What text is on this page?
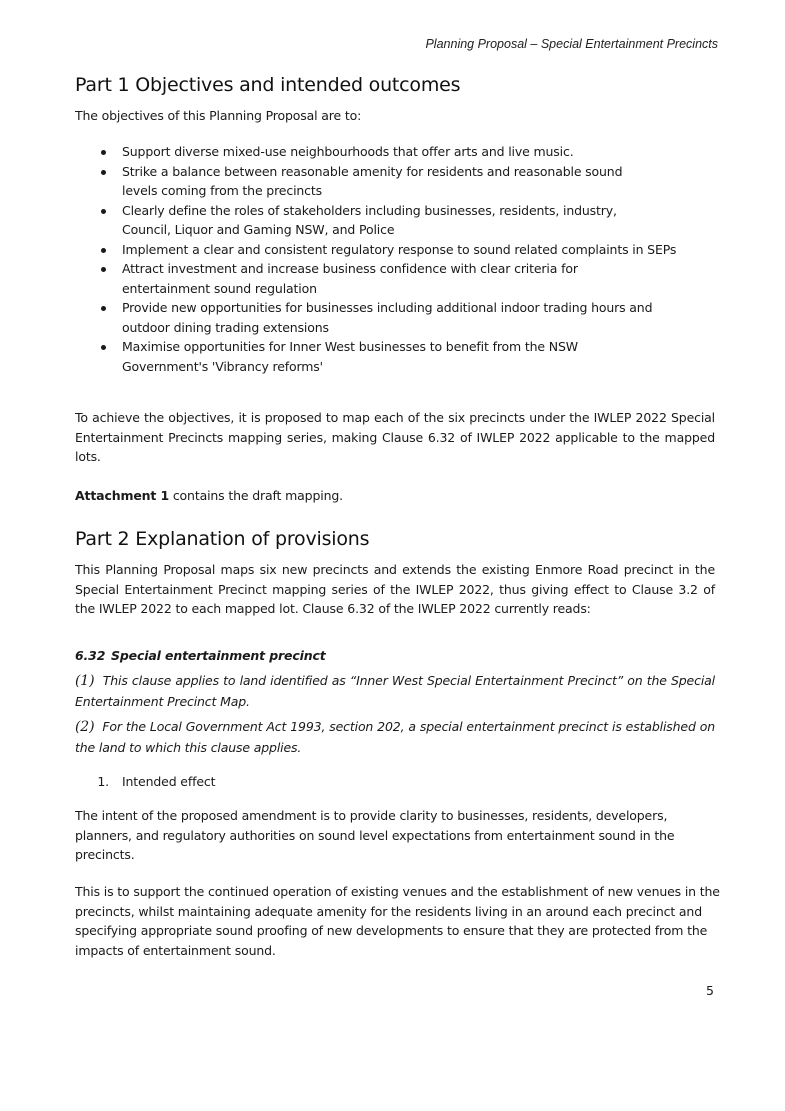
Planning Proposal – Special Entertainment Precincts
Part 1 Objectives and intended outcomes

The objectives of this Planning Proposal are to:

Support diverse mixed-use neighbourhoods that offer arts and live music.
Strike a balance between reasonable amenity for residents and reasonable sound levels coming from the precincts
Clearly define the roles of stakeholders including businesses, residents, industry, Council, Liquor and Gaming NSW, and Police
Implement a clear and consistent regulatory response to sound related complaints in SEPs
Attract investment and increase business confidence with clear criteria for entertainment sound regulation
Provide new opportunities for businesses including additional indoor trading hours and outdoor dining trading extensions
Maximise opportunities for Inner West businesses to benefit from the NSW Government's 'Vibrancy reforms'

To achieve the objectives, it is proposed to map each of the six precincts under the IWLEP 2022 Special Entertainment Precincts mapping series, making Clause 6.32 of IWLEP 2022 applicable to the mapped lots.

Attachment 1 contains the draft mapping.

Part 2 Explanation of provisions

This Planning Proposal maps six new precincts and extends the existing Enmore Road precinct in the Special Entertainment Precinct mapping series of the IWLEP 2022, thus giving effect to Clause 3.2 of the IWLEP 2022 to each mapped lot. Clause 6.32 of the IWLEP 2022 currently reads:

6.32 Special entertainment precinct

(1) This clause applies to land identified as “Inner West Special Entertainment Precinct” on the Special Entertainment Precinct Map.

(2) For the Local Government Act 1993, section 202, a special entertainment precinct is established on the land to which this clause applies.

1. Intended effect

The intent of the proposed amendment is to provide clarity to businesses, residents, developers, planners, and regulatory authorities on sound level expectations from entertainment sound in the precincts.

This is to support the continued operation of existing venues and the establishment of new venues in the precincts, whilst maintaining adequate amenity for the residents living in an around each precinct and specifying appropriate sound proofing of new developments to ensure that they are protected from the impacts of entertainment sound.

5
